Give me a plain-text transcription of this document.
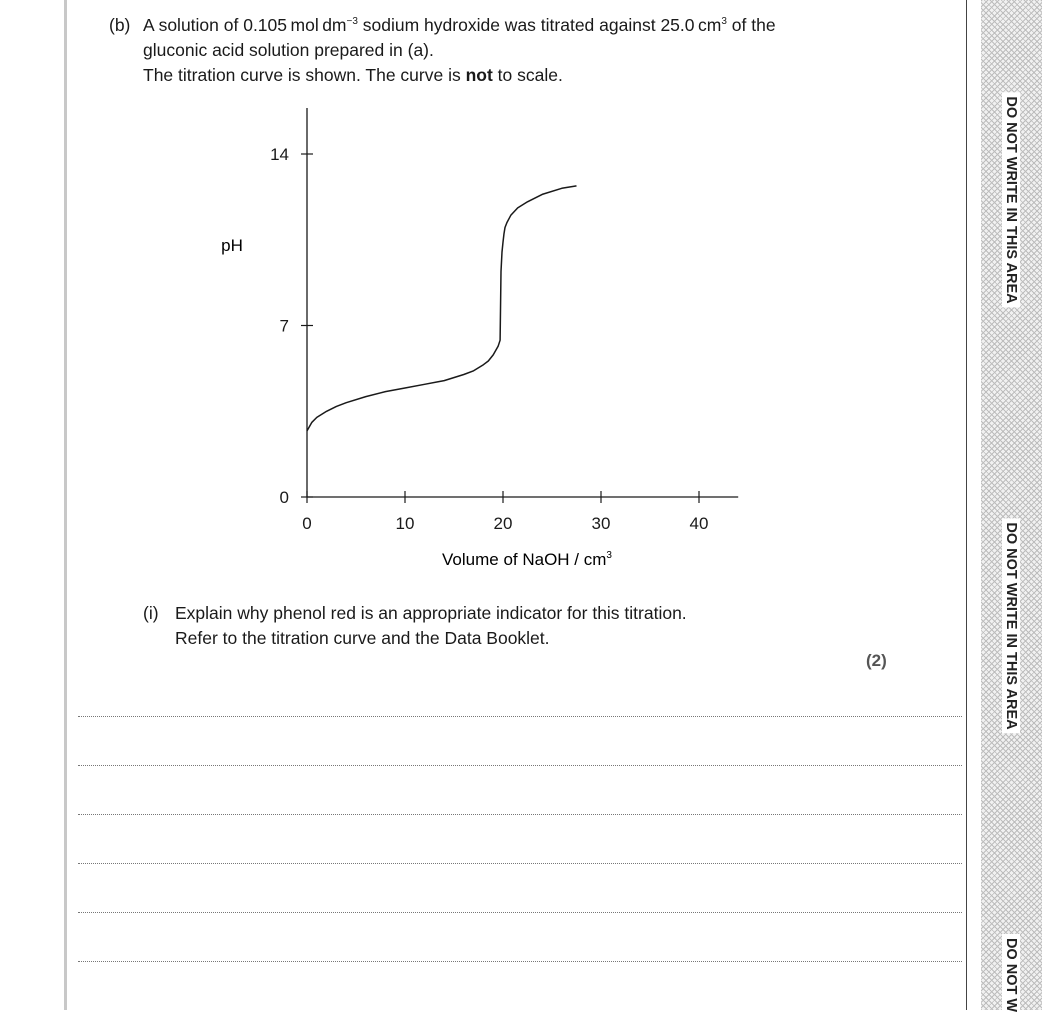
DO NOT WRITE IN THIS AREA
DO NOT WRITE IN THIS AREA
DO NOT W
(b) A solution of 0.105 mol $dm^{-3}$ sodium hydroxide was titrated against 25.0 $cm^3$ of the
gluconic acid solution prepared in (a).
The titration curve is shown. The curve is not to scale.
pH
Volume of NaOH / $cm^3$
0	10	20	30	40
0
7
14
(i) Explain why phenol red is an appropriate indicator for this titration.
Refer to the titration curve and the Data Booklet.
(2)
